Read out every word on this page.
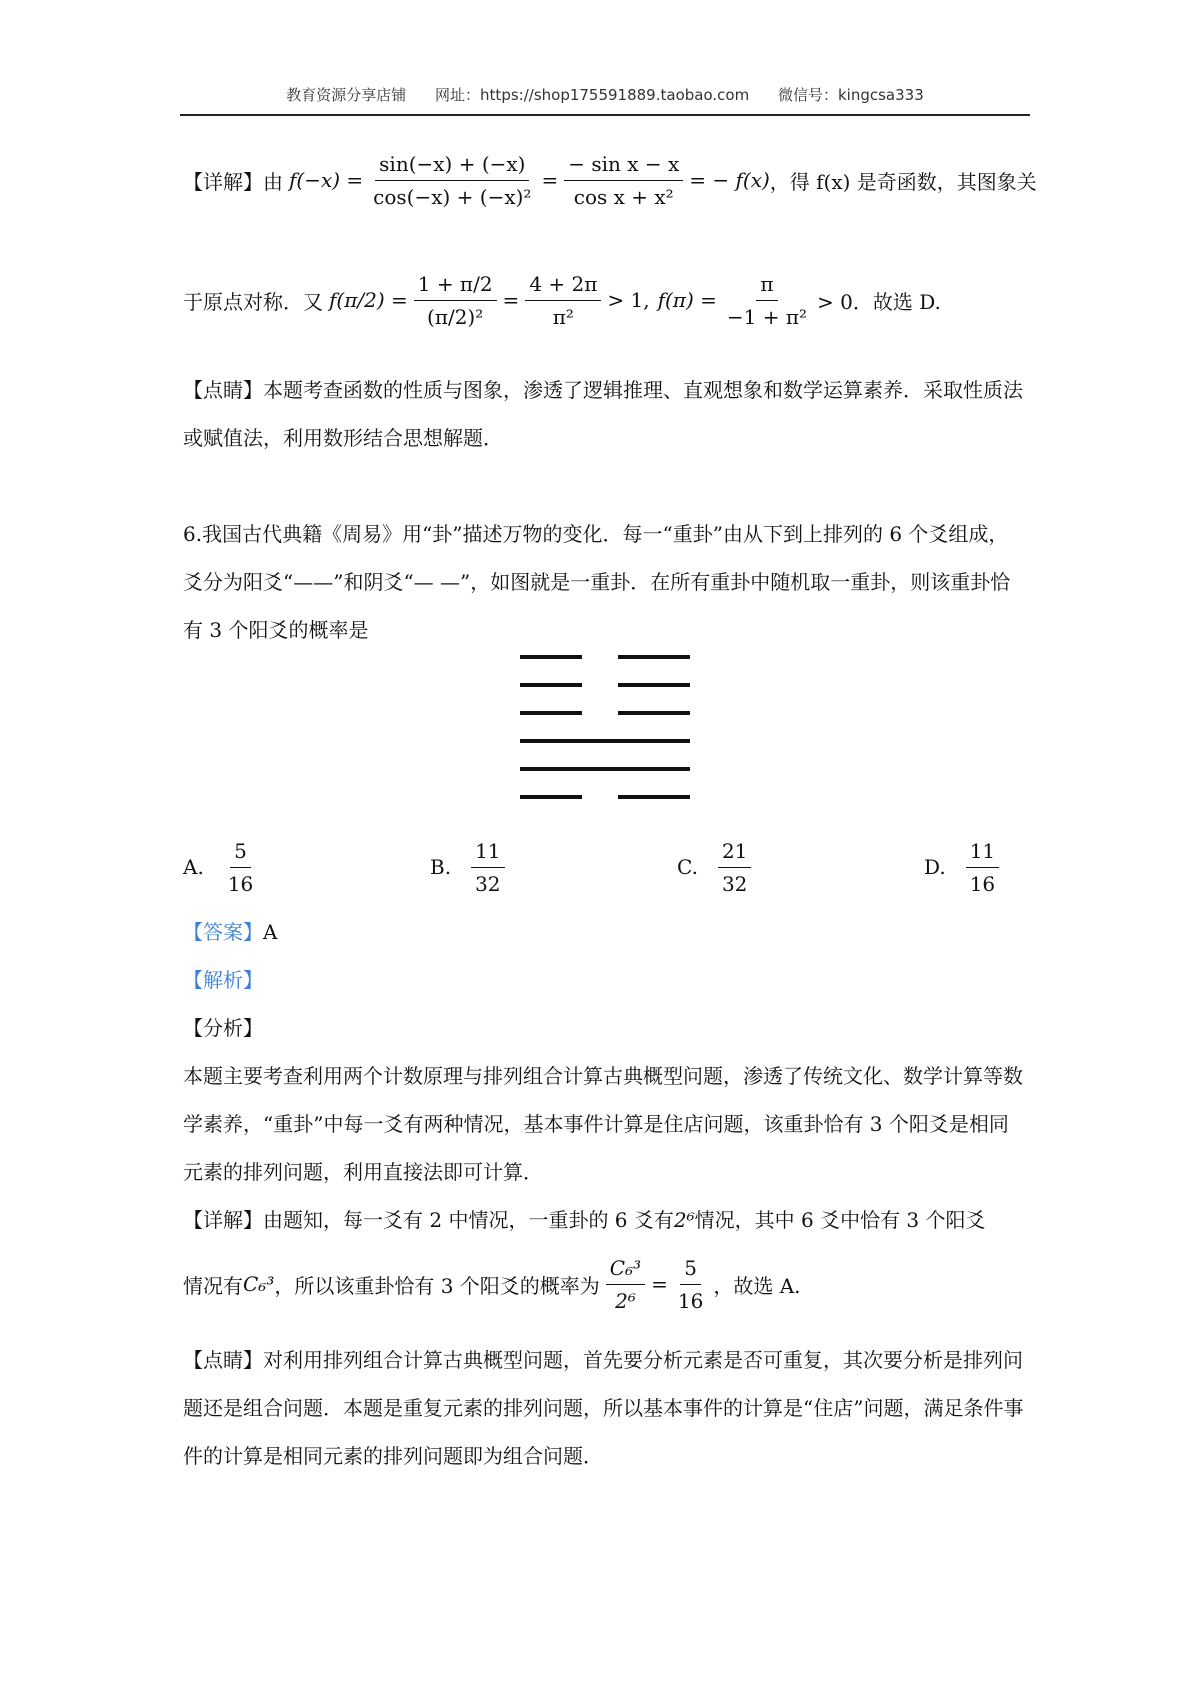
教育资源分享店铺 网址：https://shop175591889.taobao.com 微信号：kingcsa333
【详解】 由 $f(-x) = \frac{\sin(-x) + (-x)}{\text{cos(−x) + (−x)²}} = \frac{\text{− sin x − x}}{\text{cos x + x²}}$ = − f(x) ，得 f(x) 是奇函数，其图象关
于原点对称．又 $f(\pi/2) = \frac{1 + \pi/2}{\text{(π/2)²}} = \frac{4 + 2\pi}{\text{π²}} > 1$, $f(\pi) = \frac{\pi}{\text{−1 + π²}} > 0$．故选 D.

【点睛】本题考查函数的性质与图象，渗透了逻辑推理、直观想象和数学运算素养．采取性质法或赋值法，利用数形结合思想解题．

6.我国古代典籍《周易》用“卦”描述万物的变化．每一“重卦”由从下到上排列的 6 个爻组成，爻分为阳爻“——”和阴爻“— —”，如图就是一重卦．在所有重卦中随机取一重卦，则该重卦恰有 3 个阳爻的概率是

A. $\frac{5}{16}$	B. $\frac{11}{32}$	C. $\frac{21}{32}$	D. $\frac{11}{16}$

【答案】A

【解析】

【分析】

本题主要考查利用两个计数原理与排列组合计算古典概型问题，渗透了传统文化、数学计算等数学素养，“重卦”中每一爻有两种情况，基本事件计算是住店问题，该重卦恰有 3 个阳爻是相同元素的排列问题，利用直接法即可计算．

【详解】由题知，每一爻有 2 中情况，一重卦的 6 爻有2⁶情况，其中 6 爻中恰有 3 个阳爻

情况有 C₆³ ，所以该重卦恰有 3 个阳爻的概率为 $\frac{\text{C₆³}}{\text{2⁶}} = \frac{5}{16}$ ，故选 A.

【点睛】对利用排列组合计算古典概型问题，首先要分析元素是否可重复，其次要分析是排列问题还是组合问题．本题是重复元素的排列问题，所以基本事件的计算是“住店”问题，满足条件事件的计算是相同元素的排列问题即为组合问题．
